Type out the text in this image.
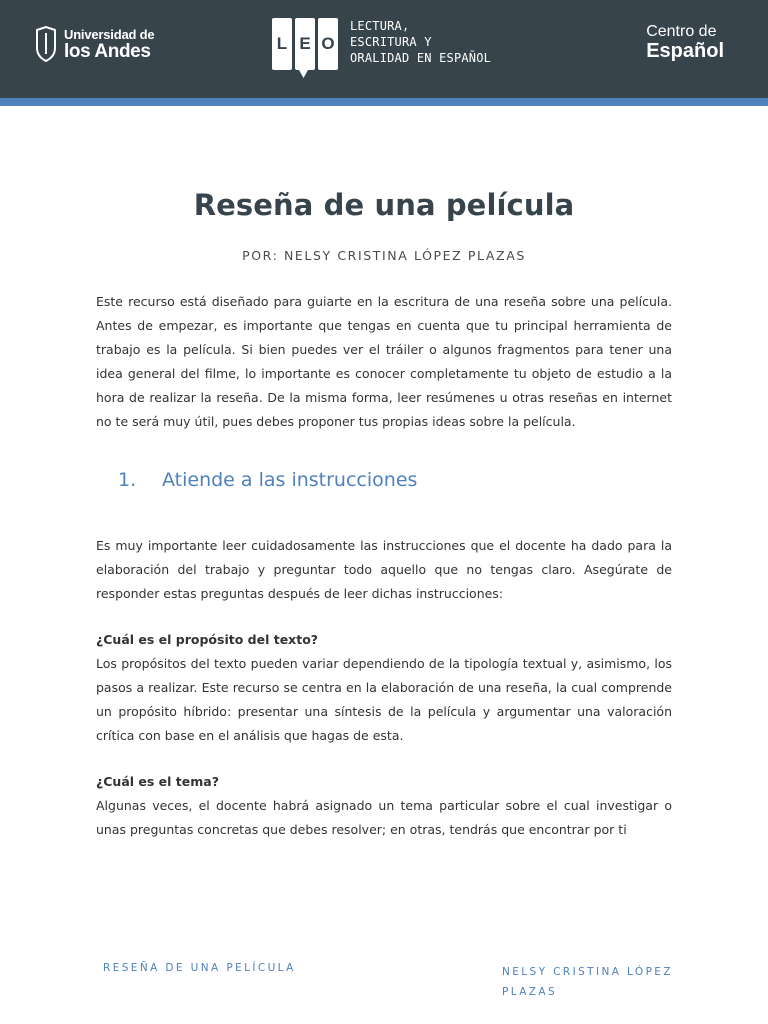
Universidad de
los Andes	L E O
LECTURA,
ESCRITURA Y
ORALIDAD EN ESPAÑOL
Centro de
Español
Reseña de una película
POR: NELSY CRISTINA LÓPEZ PLAZAS

Este recurso está diseñado para guiarte en la escritura de una reseña sobre una película. Antes de empezar, es importante que tengas en cuenta que tu principal herramienta de trabajo es la película. Si bien puedes ver el tráiler o algunos fragmentos para tener una idea general del filme, lo importante es conocer completamente tu objeto de estudio a la hora de realizar la reseña. De la misma forma, leer resúmenes u otras reseñas en internet no te será muy útil, pues debes proponer tus propias ideas sobre la película.

1.	Atiende a las instrucciones

Es muy importante leer cuidadosamente las instrucciones que el docente ha dado para la elaboración del trabajo y preguntar todo aquello que no tengas claro. Asegúrate de responder estas preguntas después de leer dichas instrucciones:

¿Cuál es el propósito del texto?

Los propósitos del texto pueden variar dependiendo de la tipología textual y, asimismo, los pasos a realizar. Este recurso se centra en la elaboración de una reseña, la cual comprende un propósito híbrido: presentar una síntesis de la película y argumentar una valoración crítica con base en el análisis que hagas de esta.

¿Cuál es el tema?

Algunas veces, el docente habrá asignado un tema particular sobre el cual investigar o unas preguntas concretas que debes resolver; en otras, tendrás que encontrar por ti

RESEÑA DE UNA PELÍCULA	NELSY CRISTINA LÓPEZ PLAZAS
